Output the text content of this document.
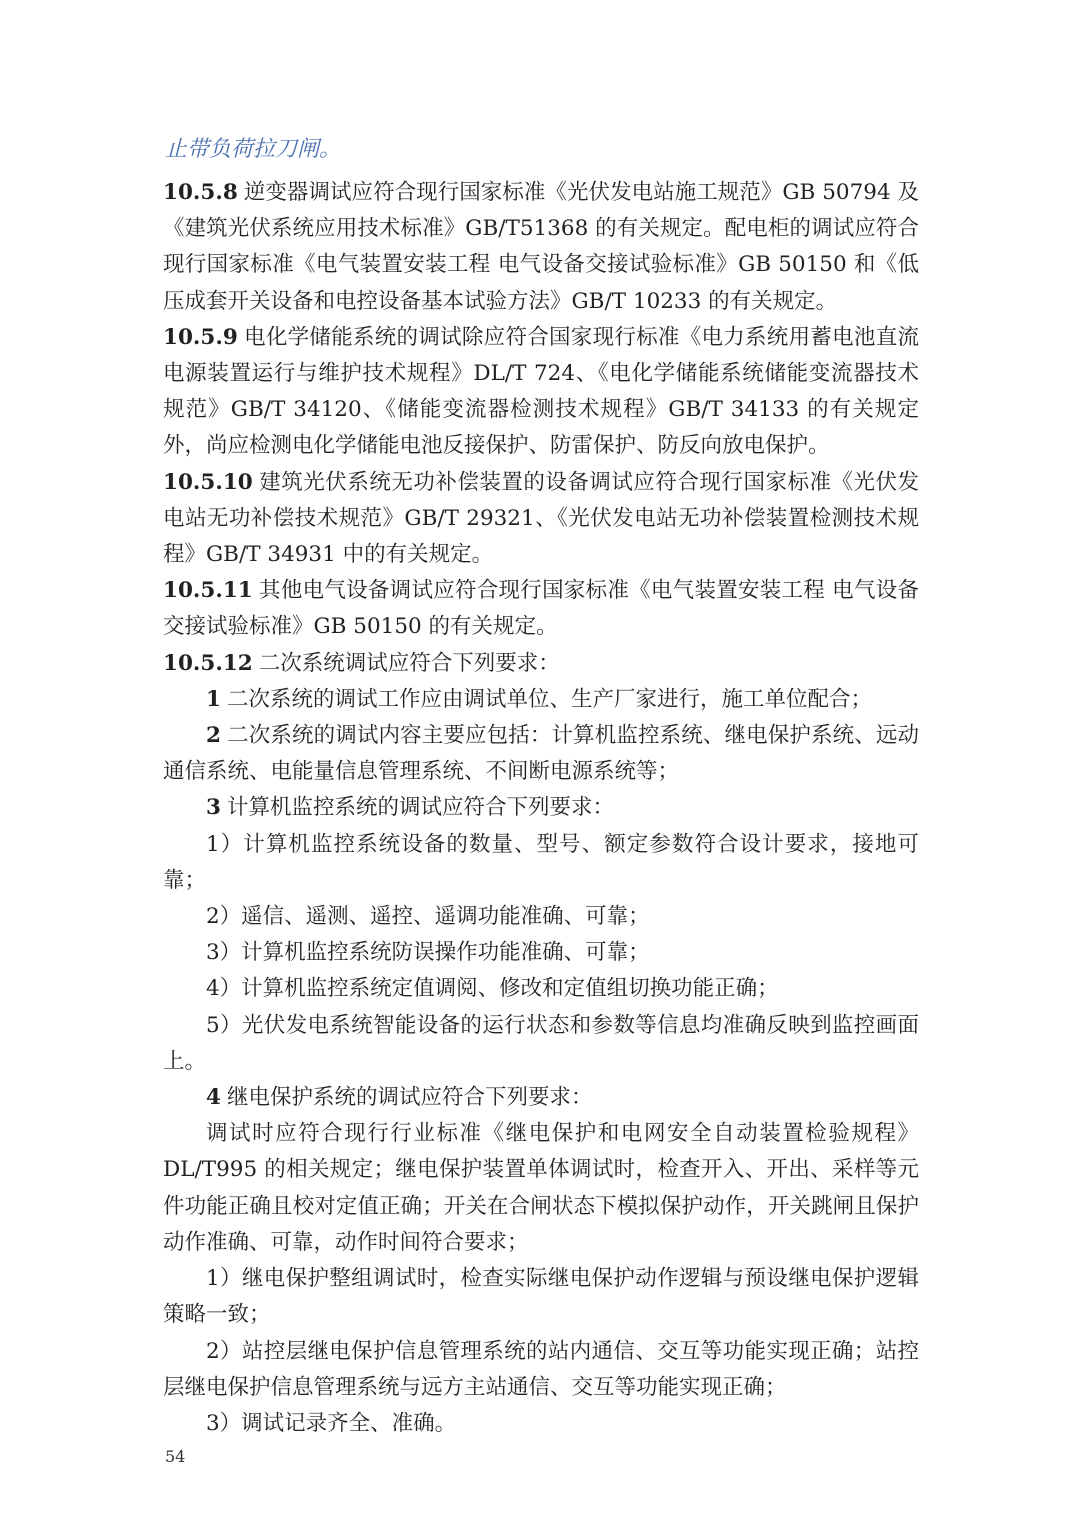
止带负荷拉刀闸。

10.5.8 逆变器调试应符合现行国家标准《光伏发电站施工规范》GB 50794 及《建筑光伏系统应用技术标准》GB/T51368 的有关规定。配电柜的调试应符合现行国家标准《电气装置安装工程 电气设备交接试验标准》GB 50150 和《低压成套开关设备和电控设备基本试验方法》GB/T 10233 的有关规定。

10.5.9 电化学储能系统的调试除应符合国家现行标准《电力系统用蓄电池直流电源装置运行与维护技术规程》DL/T 724、《电化学储能系统储能变流器技术规范》GB/T 34120、《储能变流器检测技术规程》GB/T 34133 的有关规定外，尚应检测电化学储能电池反接保护、防雷保护、防反向放电保护。

10.5.10 建筑光伏系统无功补偿装置的设备调试应符合现行国家标准《光伏发电站无功补偿技术规范》GB/T 29321、《光伏发电站无功补偿装置检测技术规程》GB/T 34931 中的有关规定。

10.5.11 其他电气设备调试应符合现行国家标准《电气装置安装工程 电气设备交接试验标准》GB 50150 的有关规定。

10.5.12 二次系统调试应符合下列要求：

1 二次系统的调试工作应由调试单位、生产厂家进行，施工单位配合；

2 二次系统的调试内容主要应包括：计算机监控系统、继电保护系统、远动通信系统、电能量信息管理系统、不间断电源系统等；

3 计算机监控系统的调试应符合下列要求：

1）计算机监控系统设备的数量、型号、额定参数符合设计要求，接地可靠；

2）遥信、遥测、遥控、遥调功能准确、可靠；

3）计算机监控系统防误操作功能准确、可靠；

4）计算机监控系统定值调阅、修改和定值组切换功能正确；

5）光伏发电系统智能设备的运行状态和参数等信息均准确反映到监控画面上。

4 继电保护系统的调试应符合下列要求：

调试时应符合现行行业标准《继电保护和电网安全自动装置检验规程》DL/T995 的相关规定；继电保护装置单体调试时，检查开入、开出、采样等元件功能正确且校对定值正确；开关在合闸状态下模拟保护动作，开关跳闸且保护动作准确、可靠，动作时间符合要求；

1）继电保护整组调试时，检查实际继电保护动作逻辑与预设继电保护逻辑策略一致；

2）站控层继电保护信息管理系统的站内通信、交互等功能实现正确；站控层继电保护信息管理系统与远方主站通信、交互等功能实现正确；

3）调试记录齐全、准确。

54
